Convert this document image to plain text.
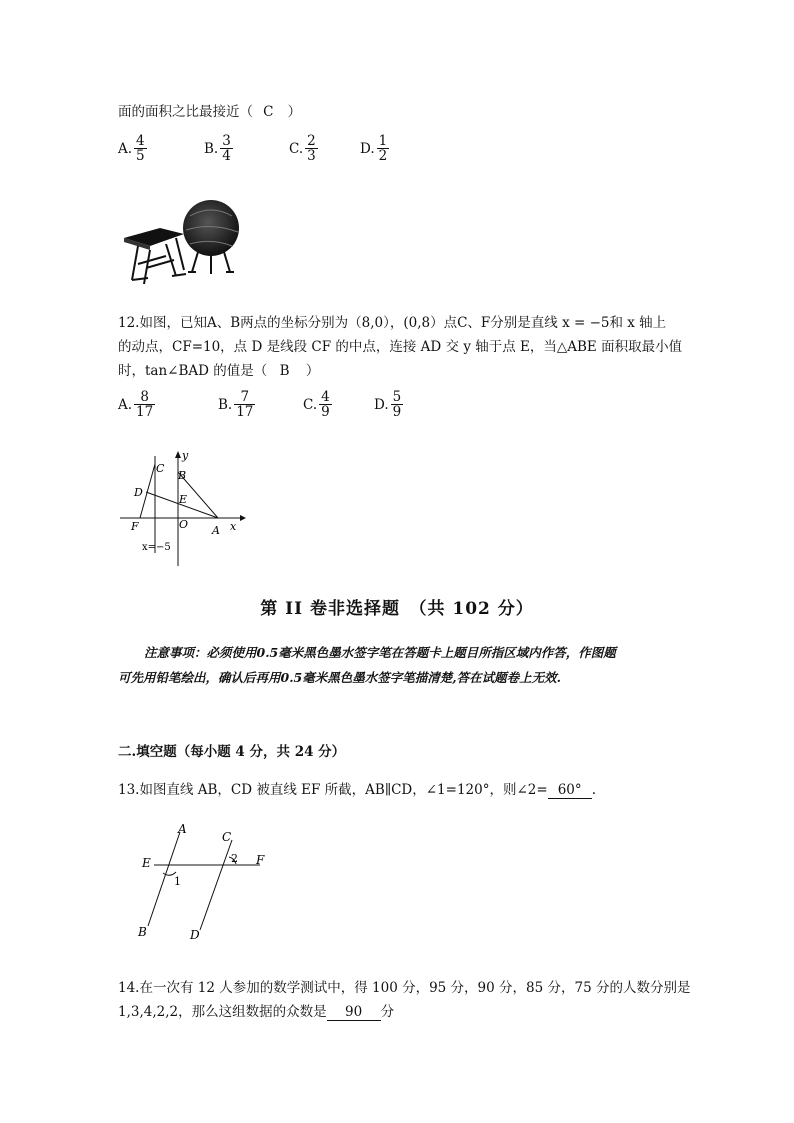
面的面积之比最接近（ C ）
A. $\frac{4}{5}$	B. $\frac{3}{4}$	C. $\frac{2}{3}$	D. $\frac{1}{2}$
12.如图，已知A、B两点的坐标分别为（8,0），(0,8）点C、F分别是直线 x = −5和 x 轴上
的动点，CF=10，点 D 是线段 CF 的中点，连接 AD 交 y 轴于点 E，当△ABE 面积取最小值
时，tan∠BAD 的值是（ B ）
A. $\frac{8}{17}$	B. $\frac{7}{17}$	C. $\frac{4}{9}$	D. $\frac{5}{9}$
y
x
C
B
D
E
F	O A
x=−5
第 II 卷非选择题　（共 102 分）
注意事项：必须使用0.5毫米黑色墨水签字笔在答题卡上题目所指区域内作答，作图题
可先用铅笔绘出，确认后再用0.5毫米黑色墨水签字笔描清楚,答在试题卷上无效.
二.填空题（每小题 4 分，共 24 分）
13.如图直线 AB，CD 被直线 EF 所截，AB∥CD，∠1=120°，则∠2= 60° .
A
C
E	F
1
2
B	D
14.在一次有 12 人参加的数学测试中，得 100 分，95 分，90 分，85 分，75 分的人数分别是
1,3,4,2,2，那么这组数据的众数是 90 分
